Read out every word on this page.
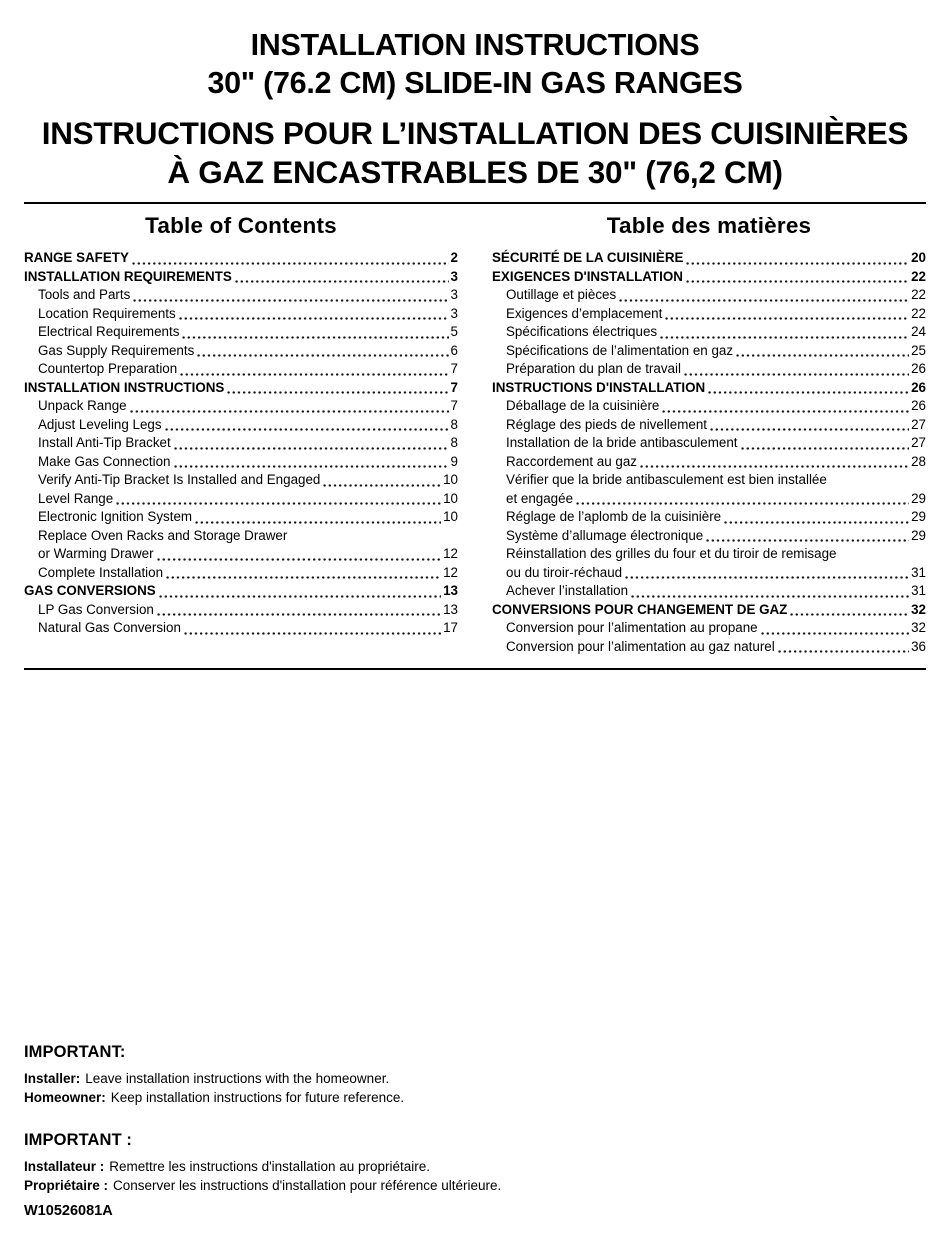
INSTALLATION INSTRUCTIONS
30" (76.2 CM) SLIDE-IN GAS RANGES
INSTRUCTIONS POUR L’INSTALLATION DES CUISINIÈRES
À GAZ ENCASTRABLES DE 30" (76,2 CM)
Table of Contents
RANGE SAFETY	2
INSTALLATION REQUIREMENTS	3
Tools and Parts	3
Location Requirements	3
Electrical Requirements	5
Gas Supply Requirements	6
Countertop Preparation	7
INSTALLATION INSTRUCTIONS	7
Unpack Range	7
Adjust Leveling Legs	8
Install Anti-Tip Bracket	8
Make Gas Connection	9
Verify Anti-Tip Bracket Is Installed and Engaged	10
Level Range	10
Electronic Ignition System	10
Replace Oven Racks and Storage Drawer
or Warming Drawer	12
Complete Installation	12
GAS CONVERSIONS	13
LP Gas Conversion	13
Natural Gas Conversion	17
Table des matières
SÉCURITÉ DE LA CUISINIÈRE	20
EXIGENCES D'INSTALLATION	22
Outillage et pièces	22
Exigences d’emplacement	22
Spécifications électriques	24
Spécifications de l’alimentation en gaz	25
Préparation du plan de travail	26
INSTRUCTIONS D'INSTALLATION	26
Déballage de la cuisinière	26
Réglage des pieds de nivellement	27
Installation de la bride antibasculement	27
Raccordement au gaz	28
Vérifier que la bride antibasculement est bien installée
et engagée	29
Réglage de l’aplomb de la cuisinière	29
Système d’allumage électronique	29
Réinstallation des grilles du four et du tiroir de remisage
ou du tiroir-réchaud	31
Achever l’installation	31
CONVERSIONS POUR CHANGEMENT DE GAZ	32
Conversion pour l’alimentation au propane	32
Conversion pour l’alimentation au gaz naturel	36
IMPORTANT:
Installer: Leave installation instructions with the homeowner.
Homeowner: Keep installation instructions for future reference.
IMPORTANT :
Installateur : Remettre les instructions d'installation au propriétaire.
Propriétaire : Conserver les instructions d'installation pour référence ultérieure.
W10526081A
